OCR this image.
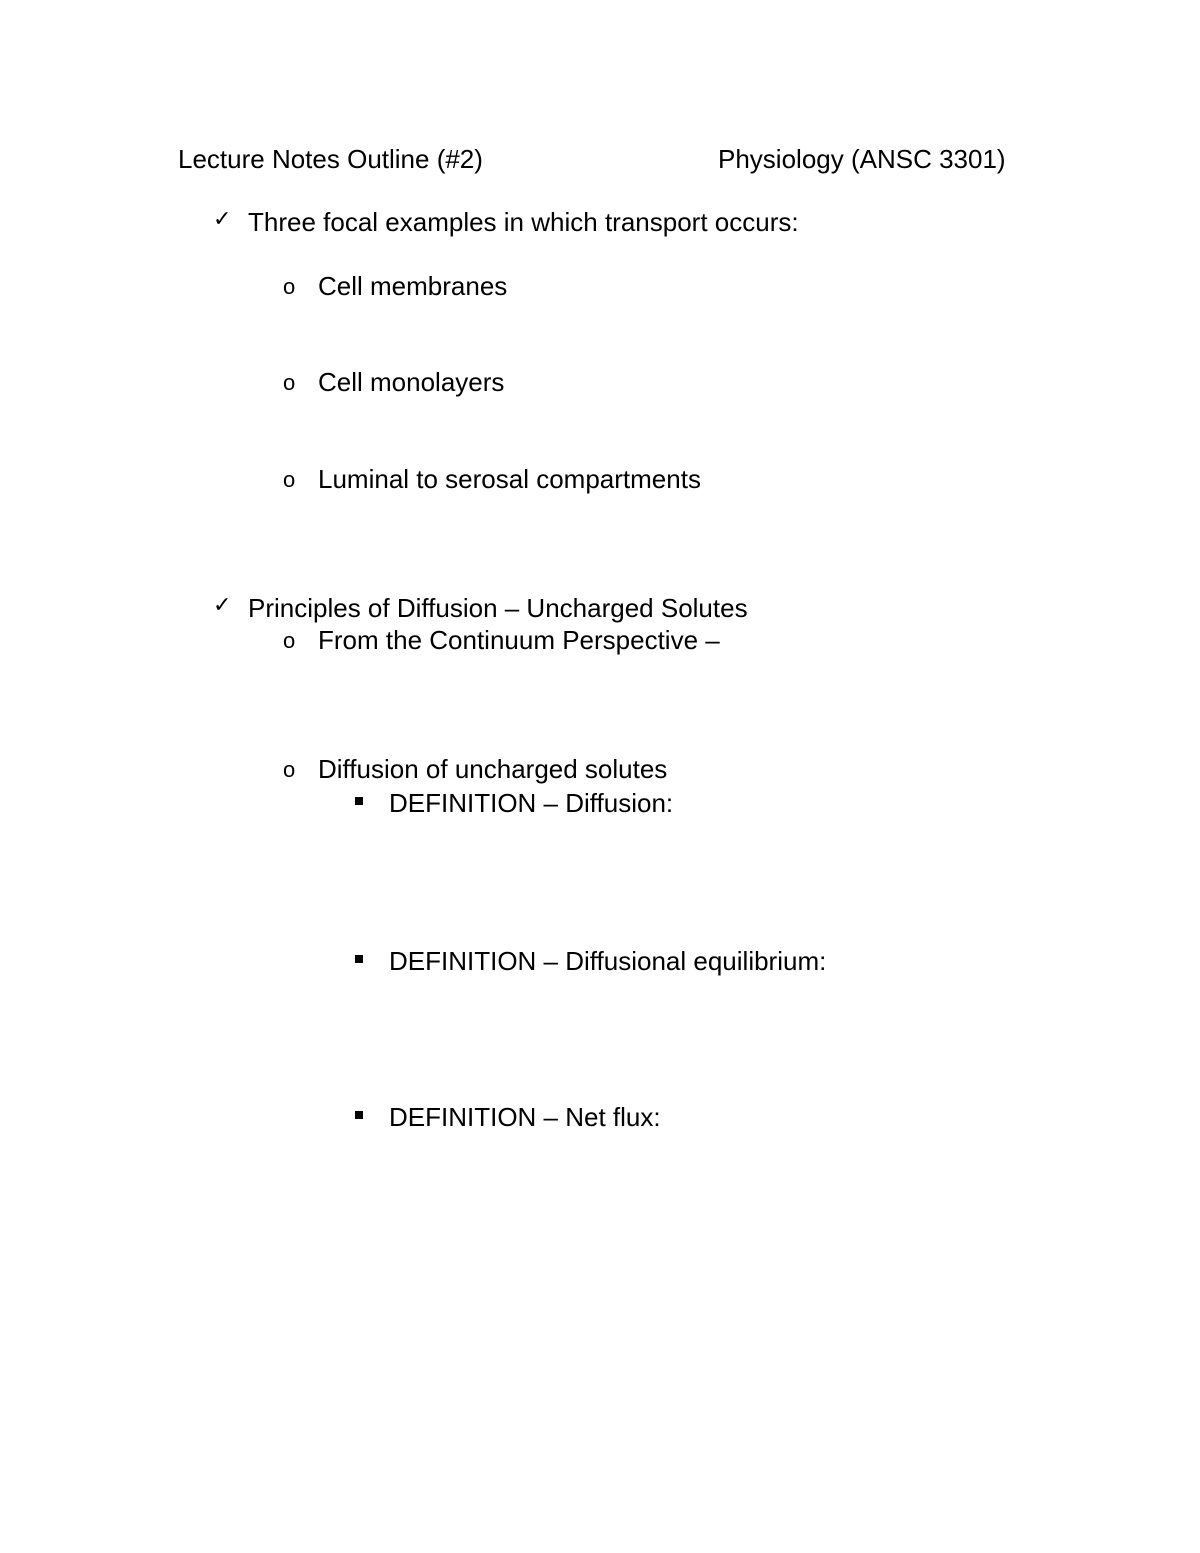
Lecture Notes Outline (#2)	Physiology (ANSC 3301)
✓ Three focal examples in which transport occurs:
o Cell membranes
o Cell monolayers
o Luminal to serosal compartments
✓ Principles of Diffusion – Uncharged Solutes
o From the Continuum Perspective –
o Diffusion of uncharged solutes
DEFINITION – Diffusion:
DEFINITION – Diffusional equilibrium:
DEFINITION – Net flux:
